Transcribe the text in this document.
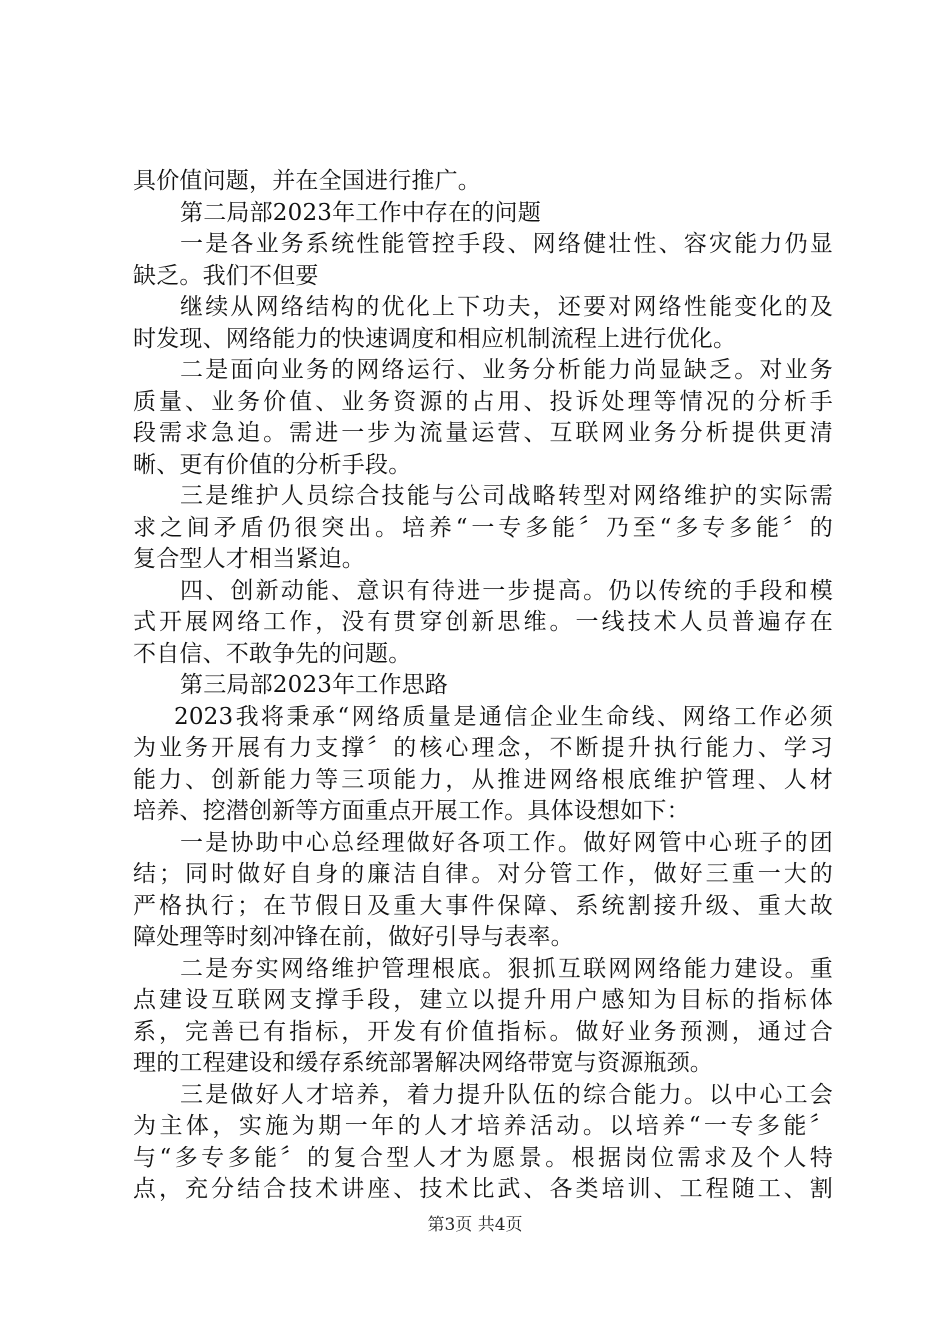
具价值问题，并在全国进行推广。
第二局部2023年工作中存在的问题
一是各业务系统性能管控手段、网络健壮性、容灾能力仍显
缺乏。我们不但要
继续从网络结构的优化上下功夫，还要对网络性能变化的及
时发现、网络能力的快速调度和相应机制流程上进行优化。
二是面向业务的网络运行、业务分析能力尚显缺乏。对业务
质量、业务价值、业务资源的占用、投诉处理等情况的分析手
段需求急迫。需进一步为流量运营、互联网业务分析提供更清
晰、更有价值的分析手段。
三是维护人员综合技能与公司战略转型对网络维护的实际需
求之间矛盾仍很突出。培养“一专多能〞乃至“多专多能〞的
复合型人才相当紧迫。
四、创新动能、意识有待进一步提高。仍以传统的手段和模
式开展网络工作，没有贯穿创新思维。一线技术人员普遍存在
不自信、不敢争先的问题。
第三局部2023年工作思路
2023我将秉承“网络质量是通信企业生命线、网络工作必须
为业务开展有力支撑〞的核心理念，不断提升执行能力、学习
能力、创新能力等三项能力，从推进网络根底维护管理、人材
培养、挖潜创新等方面重点开展工作。具体设想如下：
一是协助中心总经理做好各项工作。做好网管中心班子的团
结；同时做好自身的廉洁自律。对分管工作，做好三重一大的
严格执行；在节假日及重大事件保障、系统割接升级、重大故
障处理等时刻冲锋在前，做好引导与表率。
二是夯实网络维护管理根底。狠抓互联网网络能力建设。重
点建设互联网支撑手段，建立以提升用户感知为目标的指标体
系，完善已有指标，开发有价值指标。做好业务预测，通过合
理的工程建设和缓存系统部署解决网络带宽与资源瓶颈。
三是做好人才培养，着力提升队伍的综合能力。以中心工会
为主体，实施为期一年的人才培养活动。以培养“一专多能〞
与“多专多能〞的复合型人才为愿景。根据岗位需求及个人特
点，充分结合技术讲座、技术比武、各类培训、工程随工、割
第3页 共4页
